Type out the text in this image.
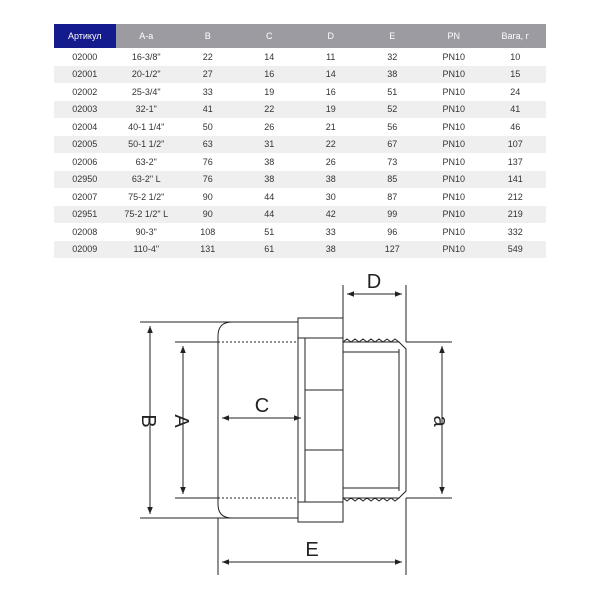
Артикул	A-a	B	C	D	E	PN	Вага, г
02000	16-3/8"	22	14	11	32	PN10	10
02001	20-1/2"	27	16	14	38	PN10	15
02002	25-3/4"	33	19	16	51	PN10	24
02003	32-1"	41	22	19	52	PN10	41
02004	40-1 1/4"	50	26	21	56	PN10	46
02005	50-1 1/2"	63	31	22	67	PN10	107
02006	63-2"	76	38	26	73	PN10	137
02950	63-2" L	76	38	38	85	PN10	141
02007	75-2 1/2"	90	44	30	87	PN10	212
02951	75-2 1/2" L	90	44	42	99	PN10	219
02008	90-3"	108	51	33	96	PN10	332
02009	110-4"	131	61	38	127	PN10	549
B A
C
D
a
E
